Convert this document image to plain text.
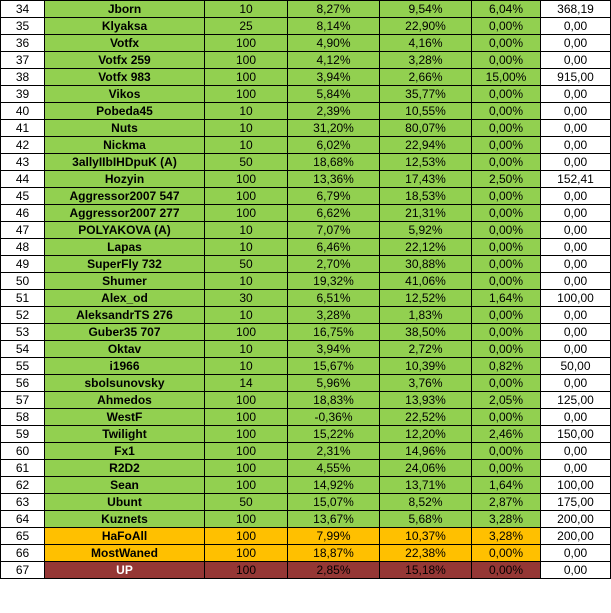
34	Jborn	10	8,27%	9,54%	6,04%	368,19
35	Klyaksa	25	8,14%	22,90%	0,00%	0,00
36	Votfx	100	4,90%	4,16%	0,00%	0,00
37	Votfx 259	100	4,12%	3,28%	0,00%	0,00
38	Votfx 983	100	3,94%	2,66%	15,00%	915,00
39	Vikos	100	5,84%	35,77%	0,00%	0,00
40	Pobeda45	10	2,39%	10,55%	0,00%	0,00
41	Nuts	10	31,20%	80,07%	0,00%	0,00
42	Nickma	10	6,02%	22,94%	0,00%	0,00
43	3allyIIbIHDpuK (A)	50	18,68%	12,53%	0,00%	0,00
44	Hozyin	100	13,36%	17,43%	2,50%	152,41
45	Aggressor2007 547	100	6,79%	18,53%	0,00%	0,00
46	Aggressor2007 277	100	6,62%	21,31%	0,00%	0,00
47	POLYAKOVA (A)	10	7,07%	5,92%	0,00%	0,00
48	Lapas	10	6,46%	22,12%	0,00%	0,00
49	SuperFly 732	50	2,70%	30,88%	0,00%	0,00
50	Shumer	10	19,32%	41,06%	0,00%	0,00
51	Alex_od	30	6,51%	12,52%	1,64%	100,00
52	AleksandrTS 276	10	3,28%	1,83%	0,00%	0,00
53	Guber35 707	100	16,75%	38,50%	0,00%	0,00
54	Oktav	10	3,94%	2,72%	0,00%	0,00
55	i1966	10	15,67%	10,39%	0,82%	50,00
56	sbolsunovsky	14	5,96%	3,76%	0,00%	0,00
57	Ahmedos	100	18,83%	13,93%	2,05%	125,00
58	WestF	100	-0,36%	22,52%	0,00%	0,00
59	Twilight	100	15,22%	12,20%	2,46%	150,00
60	Fx1	100	2,31%	14,96%	0,00%	0,00
61	R2D2	100	4,55%	24,06%	0,00%	0,00
62	Sean	100	14,92%	13,71%	1,64%	100,00
63	Ubunt	50	15,07%	8,52%	2,87%	175,00
64	Kuznets	100	13,67%	5,68%	3,28%	200,00
65	HaFoAll	100	7,99%	10,37%	3,28%	200,00
66	MostWaned	100	18,87%	22,38%	0,00%	0,00
67	UP	100	2,85%	15,18%	0,00%	0,00
